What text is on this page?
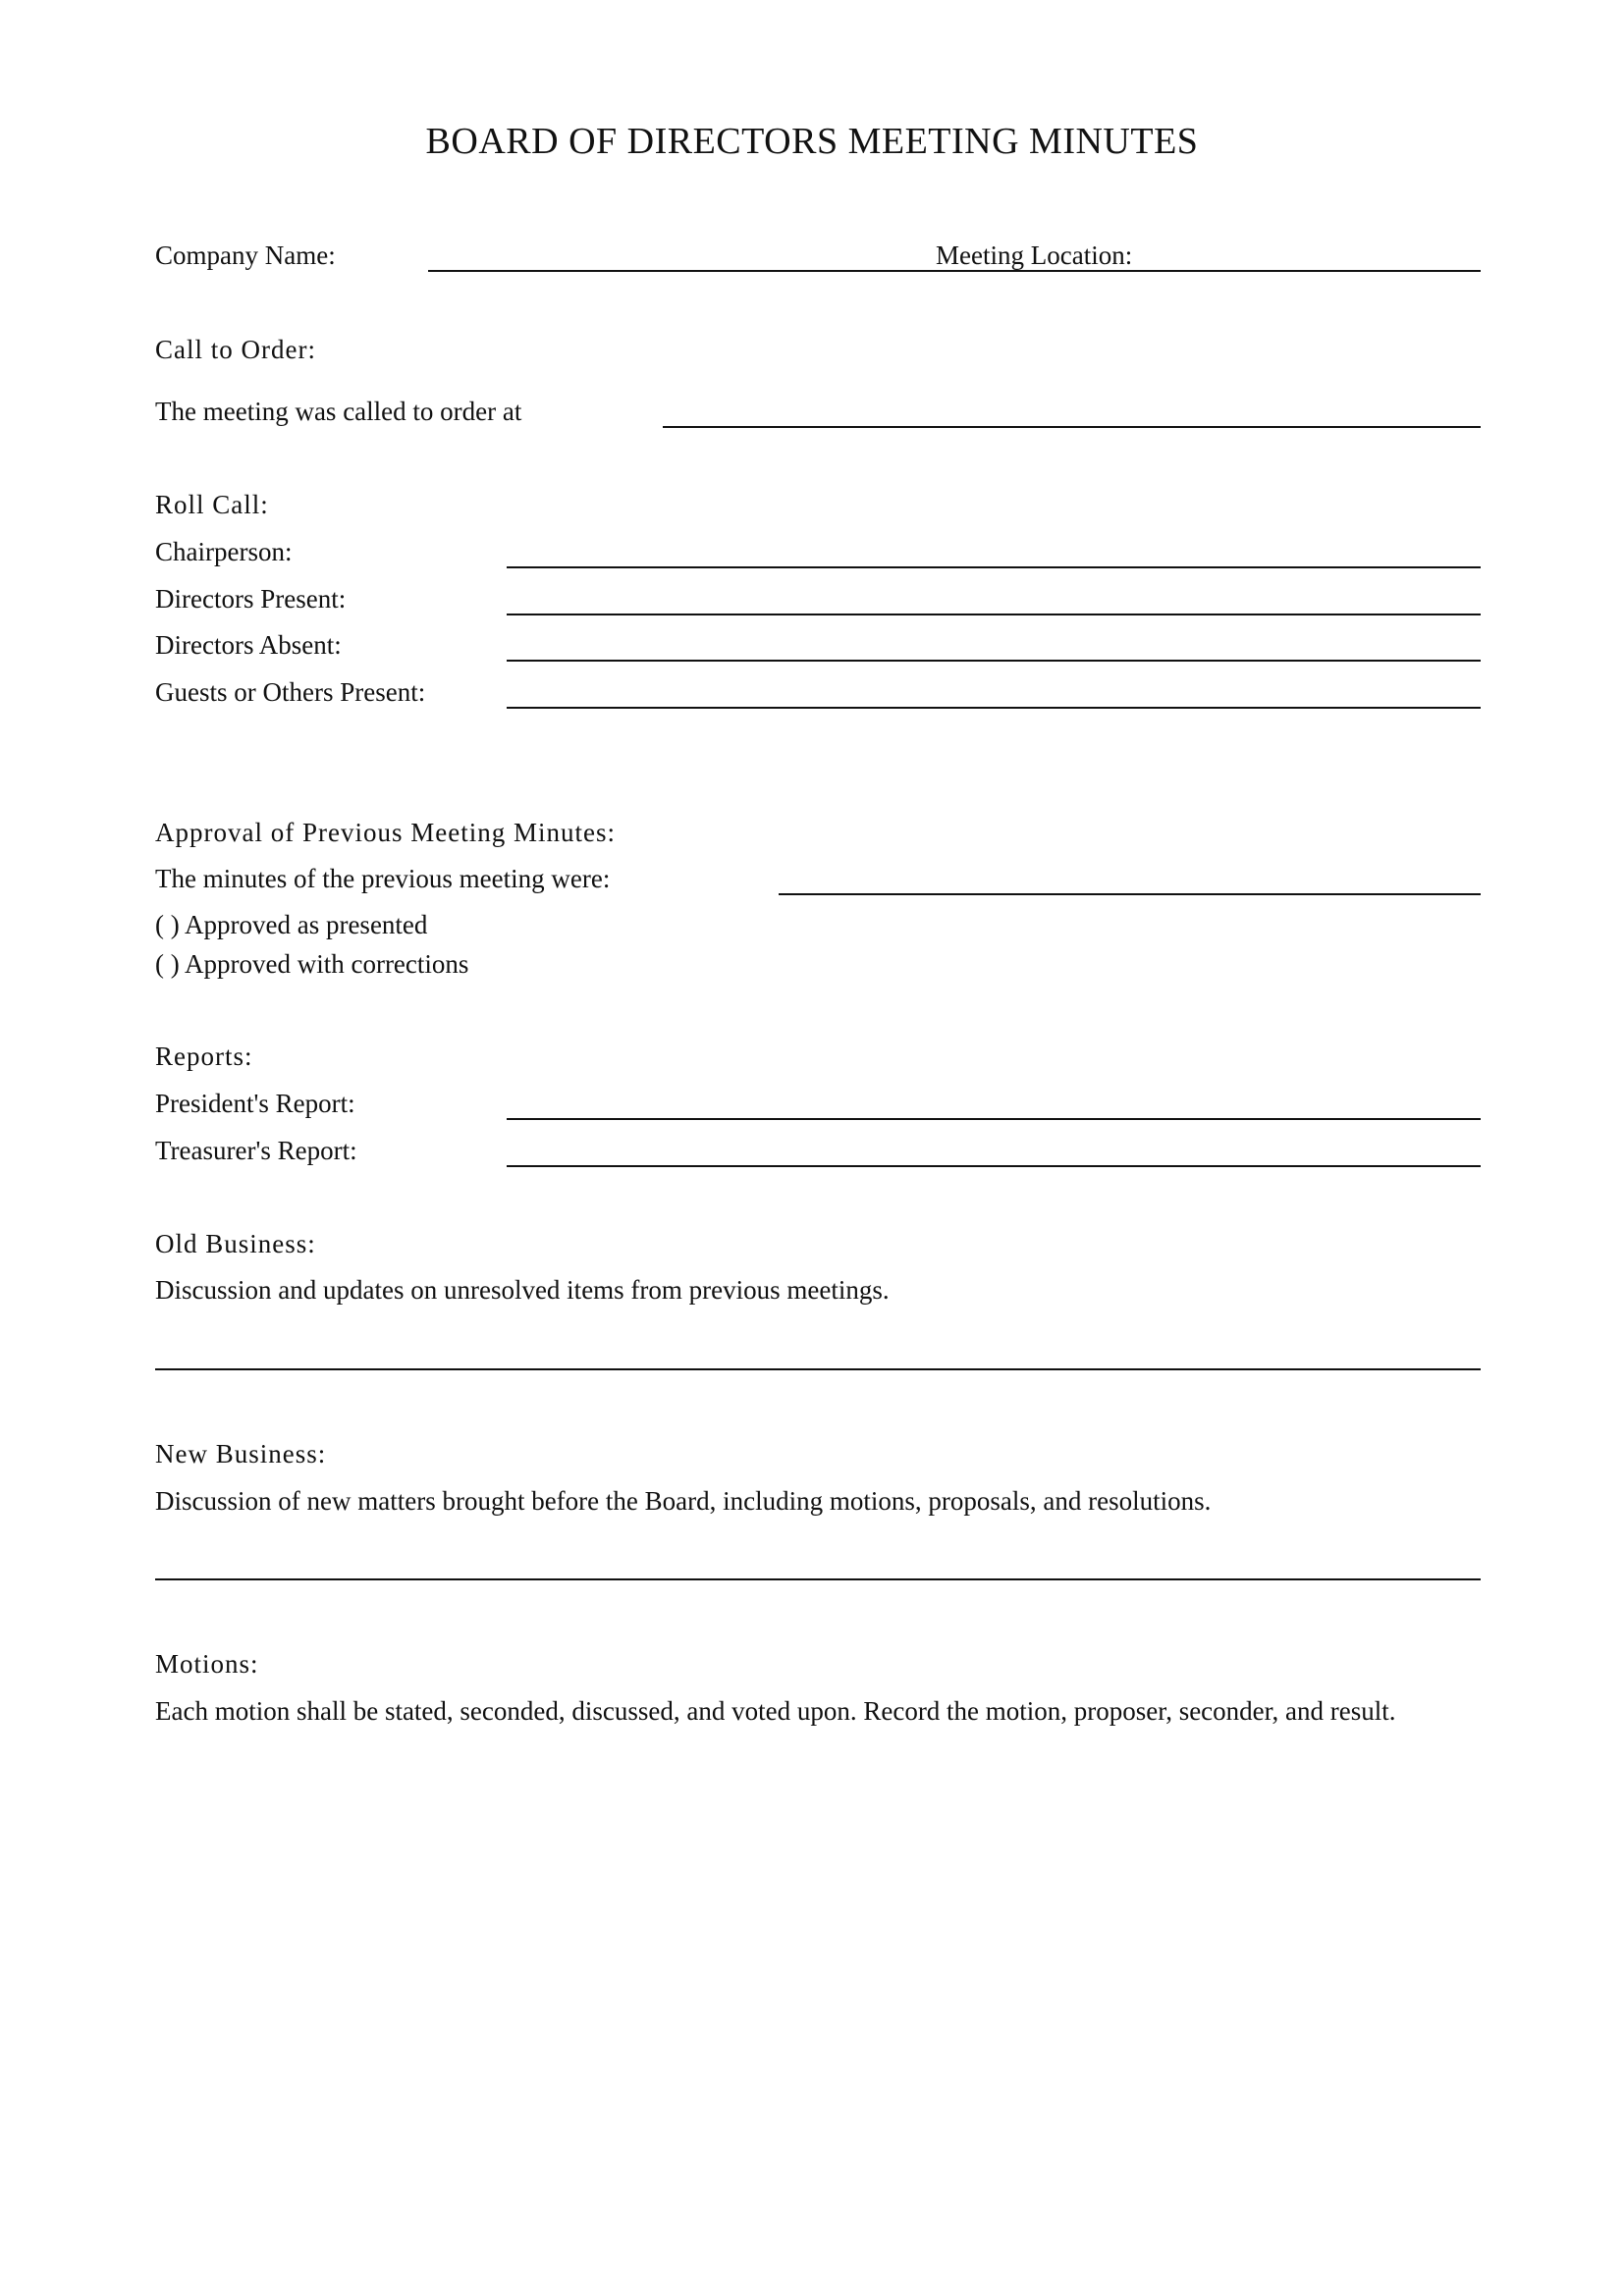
BOARD OF DIRECTORS MEETING MINUTES
Company Name:	Meeting Location:
Call to Order:
The meeting was called to order at
Roll Call:
Chairperson:
Directors Present:
Directors Absent:
Guests or Others Present:
Approval of Previous Meeting Minutes:
The minutes of the previous meeting were:
( ) Approved as presented
( ) Approved with corrections
Reports:
President's Report:
Treasurer's Report:
Old Business:
Discussion and updates on unresolved items from previous meetings.
New Business:
Discussion of new matters brought before the Board, including motions, proposals, and resolutions.
Motions:
Each motion shall be stated, seconded, discussed, and voted upon. Record the motion, proposer, seconder, and result.
